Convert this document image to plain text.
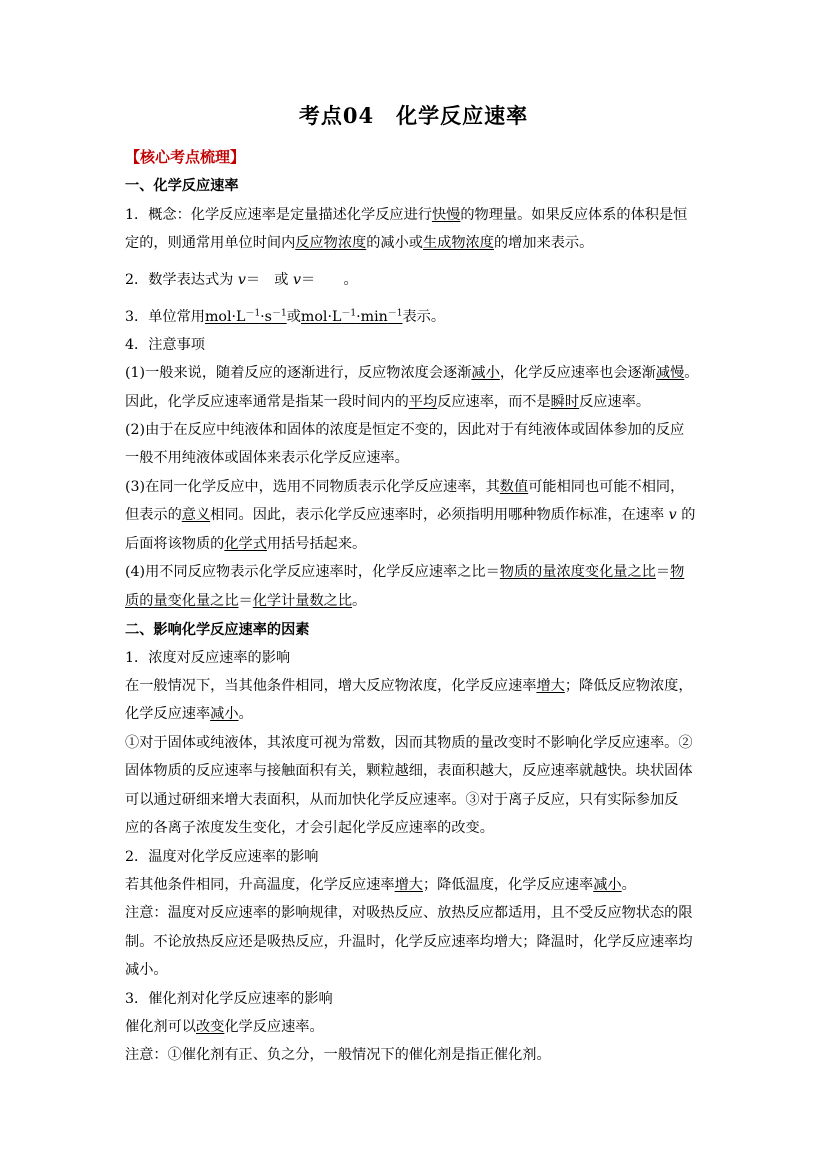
考点04　化学反应速率
【核心考点梳理】
一、化学反应速率
1．概念：化学反应速率是定量描述化学反应进行快慢的物理量。如果反应体系的体积是恒
定的，则通常用单位时间内反应物浓度的减小或生成物浓度的增加来表示。
2．数学表达式为 v＝　或 v＝　　。
3．单位常用$mol\cdot L^{-1}\cdot s^{-1}$或$mol\cdot L^{-1}\cdot\min^{-1}$表示。
4．注意事项
(1)一般来说，随着反应的逐渐进行，反应物浓度会逐渐减小，化学反应速率也会逐渐减慢。
因此，化学反应速率通常是指某一段时间内的平均反应速率，而不是瞬时反应速率。
(2)由于在反应中纯液体和固体的浓度是恒定不变的，因此对于有纯液体或固体参加的反应
一般不用纯液体或固体来表示化学反应速率。
(3)在同一化学反应中，选用不同物质表示化学反应速率，其数值可能相同也可能不相同，
但表示的意义相同。因此，表示化学反应速率时，必须指明用哪种物质作标准，在速率 v 的
后面将该物质的化学式用括号括起来。
(4)用不同反应物表示化学反应速率时，化学反应速率之比＝物质的量浓度变化量之比＝物
质的量变化量之比＝化学计量数之比。
二、影响化学反应速率的因素
1．浓度对反应速率的影响
在一般情况下，当其他条件相同，增大反应物浓度，化学反应速率增大；降低反应物浓度，
化学反应速率减小。
①对于固体或纯液体，其浓度可视为常数，因而其物质的量改变时不影响化学反应速率。②
固体物质的反应速率与接触面积有关，颗粒越细，表面积越大，反应速率就越快。块状固体
可以通过研细来增大表面积，从而加快化学反应速率。③对于离子反应，只有实际参加反
应的各离子浓度发生变化，才会引起化学反应速率的改变。
2．温度对化学反应速率的影响
若其他条件相同，升高温度，化学反应速率增大；降低温度，化学反应速率减小。
注意：温度对反应速率的影响规律，对吸热反应、放热反应都适用，且不受反应物状态的限
制。不论放热反应还是吸热反应，升温时，化学反应速率均增大；降温时，化学反应速率均
减小。
3．催化剂对化学反应速率的影响
催化剂可以改变化学反应速率。
注意：①催化剂有正、负之分，一般情况下的催化剂是指正催化剂。
